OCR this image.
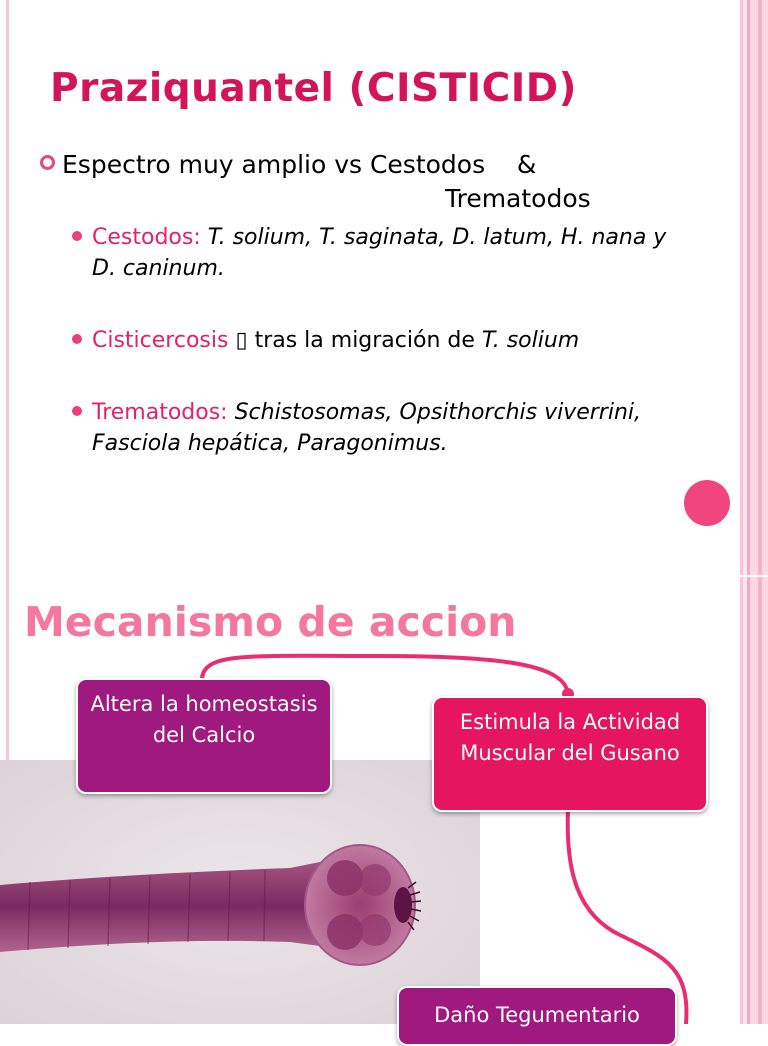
Praziquantel (CISTICID)
Espectro muy amplio vs Cestodos    &
Trematodos
Cestodos: T. solium, T. saginata, D. latum, H. nana y D. caninum.
Cisticercosis ▯ tras la migración de T. solium
Trematodos: Schistosomas, Opsithorchis viverrini, Fasciola hepática, Paragonimus.
Mecanismo de accion
Altera la homeostasis del Calcio
Estimula la Actividad Muscular del Gusano
Daño Tegumentario
